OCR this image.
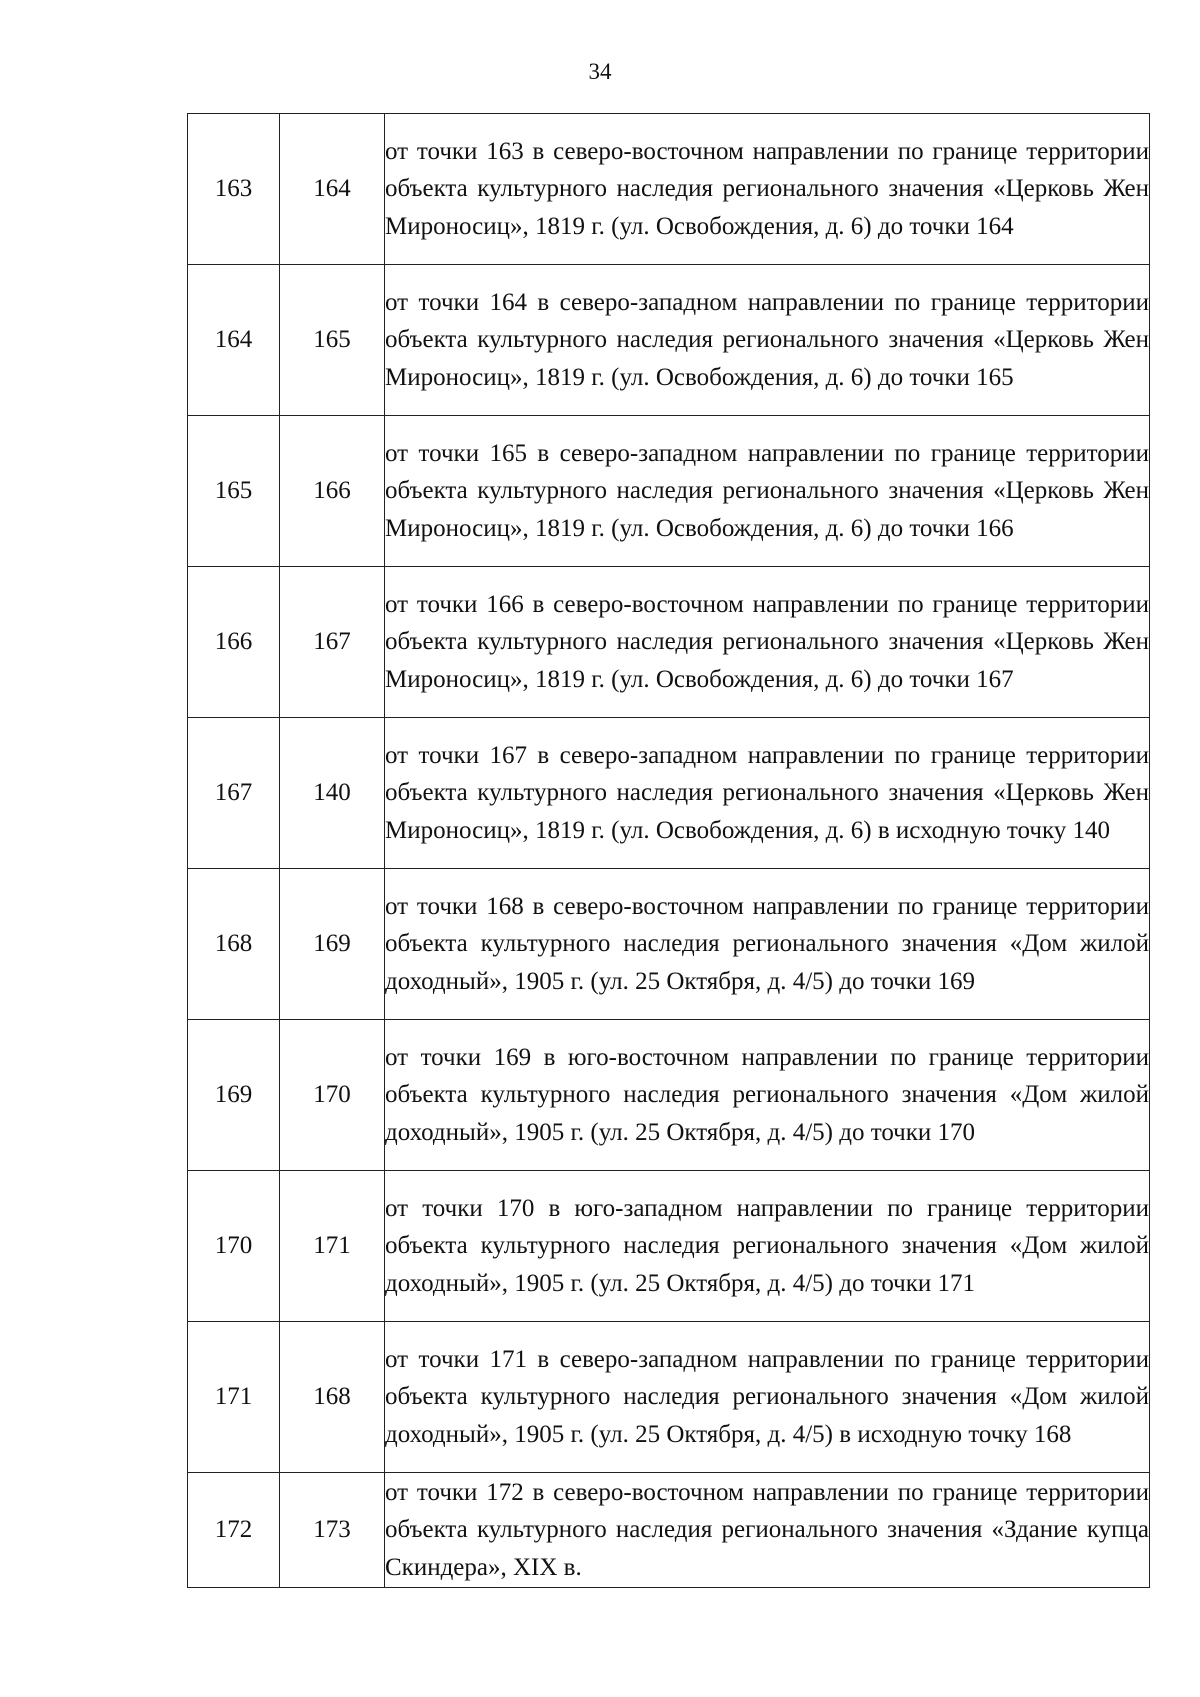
34
163	164	от точки 163 в северо-восточном направлении по границе территории объекта культурного наследия регионального значения «Церковь Жен Мироносиц», 1819 г. (ул. Освобождения, д. 6) до точки 164

164	165	от точки 164 в северо-западном направлении по границе территории объекта культурного наследия регионального значения «Церковь Жен Мироносиц», 1819 г. (ул. Освобождения, д. 6) до точки 165

165	166	от точки 165 в северо-западном направлении по границе территории объекта культурного наследия регионального значения «Церковь Жен Мироносиц», 1819 г. (ул. Освобождения, д. 6) до точки 166

166	167	от точки 166 в северо-восточном направлении по границе территории объекта культурного наследия регионального значения «Церковь Жен Мироносиц», 1819 г. (ул. Освобождения, д. 6) до точки 167

167	140	от точки 167 в северо-западном направлении по границе территории объекта культурного наследия регионального значения «Церковь Жен Мироносиц», 1819 г. (ул. Освобождения, д. 6) в исходную точку 140

168	169	от точки 168 в северо-восточном направлении по границе территории объекта культурного наследия регионального значения «Дом жилой доходный», 1905 г. (ул. 25 Октября, д. 4/5) до точки 169

169	170	от точки 169 в юго-восточном направлении по границе территории объекта культурного наследия регионального значения «Дом жилой доходный», 1905 г. (ул. 25 Октября, д. 4/5) до точки 170

170	171	от точки 170 в юго-западном направлении по границе территории объекта культурного наследия регионального значения «Дом жилой доходный», 1905 г. (ул. 25 Октября, д. 4/5) до точки 171

171	168	от точки 171 в северо-западном направлении по границе территории объекта культурного наследия регионального значения «Дом жилой доходный», 1905 г. (ул. 25 Октября, д. 4/5) в исходную точку 168

172	173	от точки 172 в северо-восточном направлении по границе территории объекта культурного наследия регионального значения «Здание купца Скиндера», XIX в.
